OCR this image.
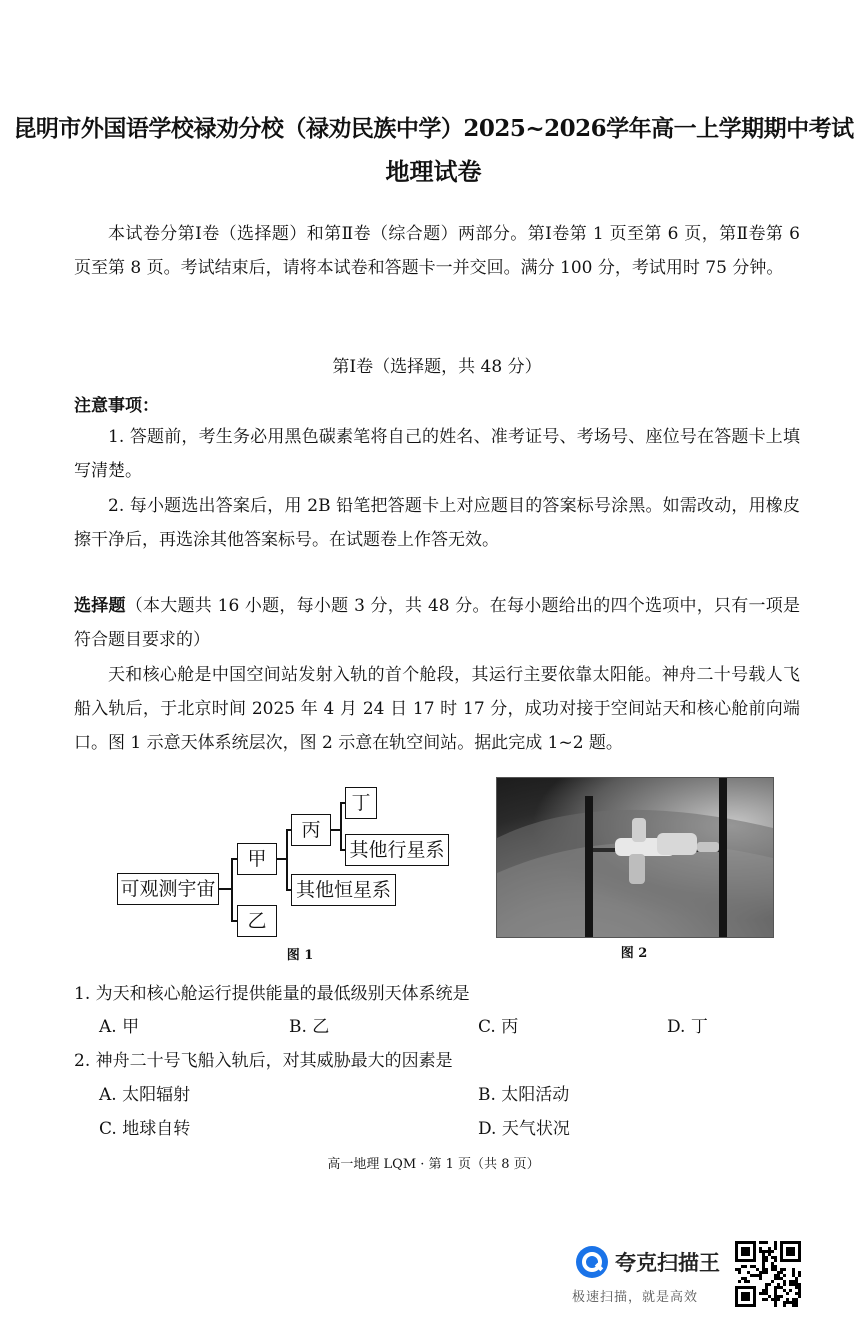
昆明市外国语学校禄劝分校（禄劝民族中学）2025~2026学年高一上学期期中考试
地理试卷
本试卷分第Ⅰ卷（选择题）和第Ⅱ卷（综合题）两部分。第Ⅰ卷第 1 页至第 6 页，第Ⅱ卷第 6 页至第 8 页。考试结束后，请将本试卷和答题卡一并交回。满分 100 分，考试用时 75 分钟。
第Ⅰ卷（选择题，共 48 分）
注意事项：
1. 答题前，考生务必用黑色碳素笔将自己的姓名、准考证号、考场号、座位号在答题卡上填写清楚。
2. 每小题选出答案后，用 2B 铅笔把答题卡上对应题目的答案标号涂黑。如需改动，用橡皮擦干净后，再选涂其他答案标号。在试题卷上作答无效。
选择题（本大题共 16 小题，每小题 3 分，共 48 分。在每小题给出的四个选项中，只有一项是符合题目要求的）
天和核心舱是中国空间站发射入轨的首个舱段，其运行主要依靠太阳能。神舟二十号载人飞船入轨后，于北京时间 2025 年 4 月 24 日 17 时 17 分，成功对接于空间站天和核心舱前向端口。图 1 示意天体系统层次，图 2 示意在轨空间站。据此完成 1~2 题。
可观测宇宙
甲
乙
丙
其他恒星系
丁
其他行星系
图 1	图 2
1. 为天和核心舱运行提供能量的最低级别天体系统是
A. 甲	B. 乙	C. 丙	D. 丁
2. 神舟二十号飞船入轨后，对其威胁最大的因素是
A. 太阳辐射	B. 太阳活动
C. 地球自转	D. 天气状况
高一地理 LQM · 第 1 页（共 8 页）
夸克扫描王
极速扫描，就是高效
